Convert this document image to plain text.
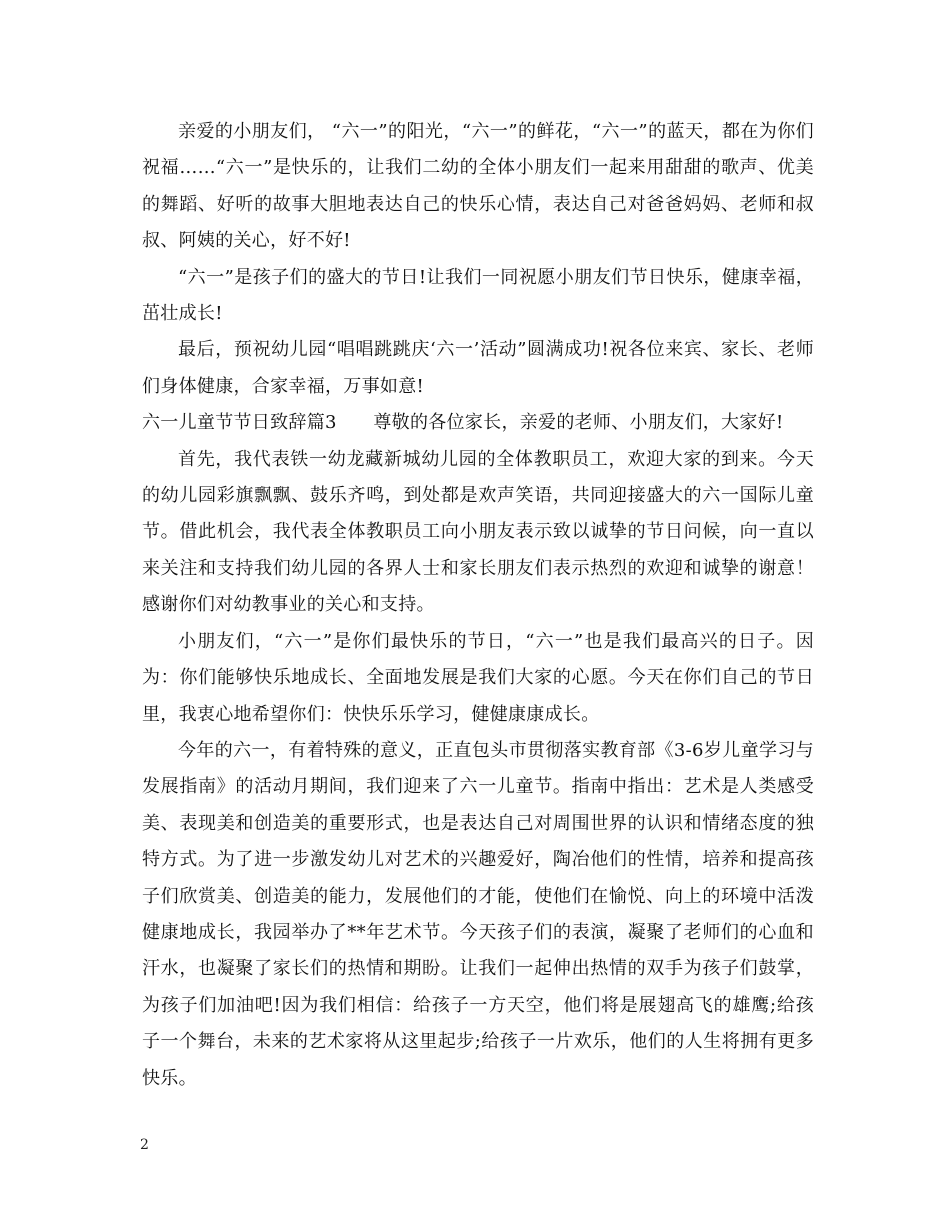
亲爱的小朋友们， “六一”的阳光，“六一”的鲜花，“六一”的蓝天，都在为你们祝福……“六一”是快乐的，让我们二幼的全体小朋友们一起来用甜甜的歌声、优美的舞蹈、好听的故事大胆地表达自己的快乐心情，表达自己对爸爸妈妈、老师和叔叔、阿姨的关心，好不好!

“六一”是孩子们的盛大的节日!让我们一同祝愿小朋友们节日快乐，健康幸福，茁壮成长!

最后，预祝幼儿园“唱唱跳跳庆‘六一’活动”圆满成功!祝各位来宾、家长、老师们身体健康，合家幸福，万事如意!

六一儿童节节日致辞篇3　　尊敬的各位家长，亲爱的老师、小朋友们，大家好!

首先，我代表铁一幼龙藏新城幼儿园的全体教职员工，欢迎大家的到来。今天的幼儿园彩旗飘飘、鼓乐齐鸣，到处都是欢声笑语，共同迎接盛大的六一国际儿童节。借此机会，我代表全体教职员工向小朋友表示致以诚挚的节日问候，向一直以来关注和支持我们幼儿园的各界人士和家长朋友们表示热烈的欢迎和诚挚的谢意！感谢你们对幼教事业的关心和支持。

小朋友们，“六一”是你们最快乐的节日，“六一”也是我们最高兴的日子。因为：你们能够快乐地成长、全面地发展是我们大家的心愿。今天在你们自己的节日里，我衷心地希望你们：快快乐乐学习，健健康康成长。

今年的六一，有着特殊的意义，正直包头市贯彻落实教育部《3-6岁儿童学习与发展指南》的活动月期间，我们迎来了六一儿童节。指南中指出：艺术是人类感受美、表现美和创造美的重要形式，也是表达自己对周围世界的认识和情绪态度的独特方式。为了进一步激发幼儿对艺术的兴趣爱好，陶冶他们的性情，培养和提高孩子们欣赏美、创造美的能力，发展他们的才能，使他们在愉悦、向上的环境中活泼健康地成长，我园举办了**年艺术节。今天孩子们的表演，凝聚了老师们的心血和汗水，也凝聚了家长们的热情和期盼。让我们一起伸出热情的双手为孩子们鼓掌，为孩子们加油吧!因为我们相信：给孩子一方天空，他们将是展翅高飞的雄鹰;给孩子一个舞台，未来的艺术家将从这里起步;给孩子一片欢乐，他们的人生将拥有更多快乐。

2
